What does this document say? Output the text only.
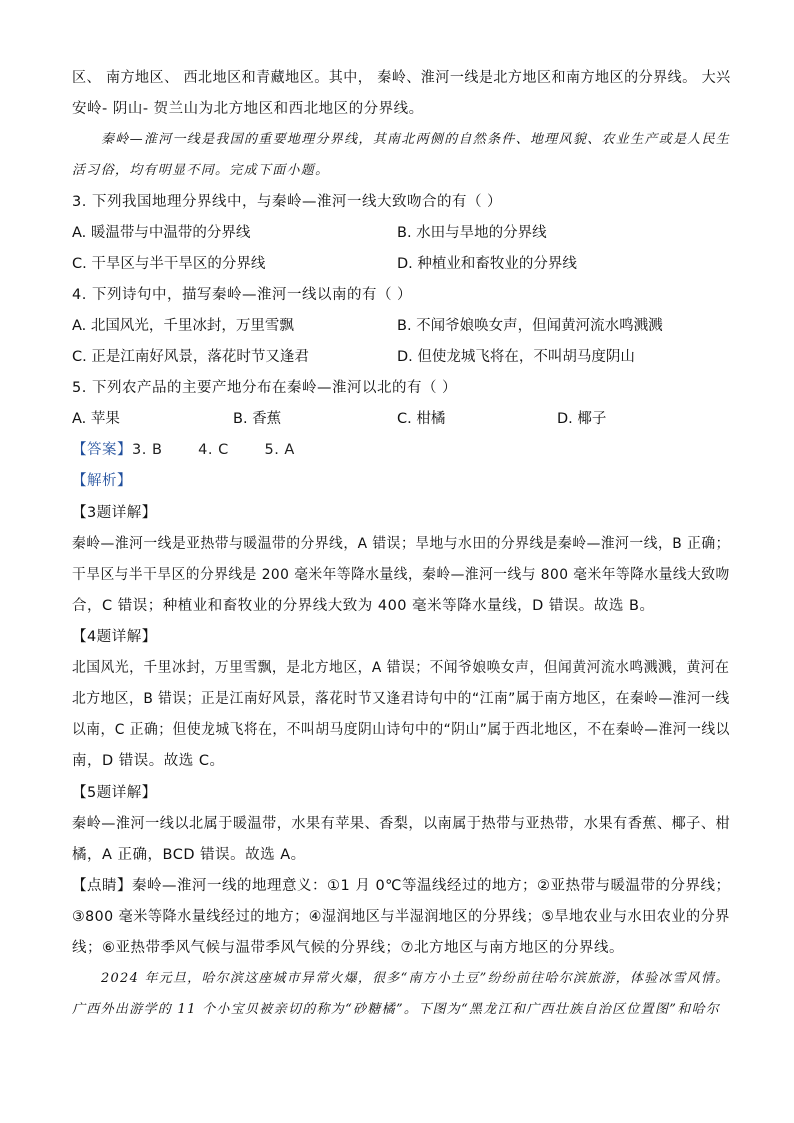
区、 南方地区、 西北地区和青藏地区。其中， 秦岭、淮河一线是北方地区和南方地区的分界线。 大兴
安岭- 阴山- 贺兰山为北方地区和西北地区的分界线。
秦岭—淮河一线是我国的重要地理分界线，其南北两侧的自然条件、地理风貌、农业生产或是人民生
活习俗，均有明显不同。完成下面小题。
3. 下列我国地理分界线中，与秦岭—淮河一线大致吻合的有（ ）
A. 暖温带与中温带的分界线	B. 水田与旱地的分界线
C. 干旱区与半干旱区的分界线	D. 种植业和畜牧业的分界线
4. 下列诗句中，描写秦岭—淮河一线以南的有（ ）
A. 北国风光，千里冰封，万里雪飘	B. 不闻爷娘唤女声，但闻黄河流水鸣溅溅
C. 正是江南好风景，落花时节又逢君	D. 但使龙城飞将在，不叫胡马度阴山
5. 下列农产品的主要产地分布在秦岭—淮河以北的有（ ）
A. 苹果	B. 香蕉	C. 柑橘	D. 椰子
【答案】3. B       4. C       5. A
【解析】
【3题详解】
秦岭—淮河一线是亚热带与暖温带的分界线，A 错误；旱地与水田的分界线是秦岭—淮河一线，B 正确；
干旱区与半干旱区的分界线是 200 毫米年等降水量线，秦岭—淮河一线与 800 毫米年等降水量线大致吻
合，C 错误；种植业和畜牧业的分界线大致为 400 毫米等降水量线，D 错误。故选 B。
【4题详解】
北国风光，千里冰封，万里雪飘，是北方地区，A 错误；不闻爷娘唤女声，但闻黄河流水鸣溅溅，黄河在
北方地区，B 错误；正是江南好风景，落花时节又逢君诗句中的“江南”属于南方地区，在秦岭—淮河一线
以南，C 正确；但使龙城飞将在，不叫胡马度阴山诗句中的“阴山”属于西北地区，不在秦岭—淮河一线以
南，D 错误。故选 C。
【5题详解】
秦岭—淮河一线以北属于暖温带，水果有苹果、香梨，以南属于热带与亚热带，水果有香蕉、椰子、柑
橘，A 正确，BCD 错误。故选 A。
【点睛】秦岭—淮河一线的地理意义：①1 月 0℃等温线经过的地方；②亚热带与暖温带的分界线；
③800 毫米等降水量线经过的地方；④湿润地区与半湿润地区的分界线；⑤旱地农业与水田农业的分界
线；⑥亚热带季风气候与温带季风气候的分界线；⑦北方地区与南方地区的分界线。
2024 年元旦，哈尔滨这座城市异常火爆，很多“南方小土豆”纷纷前往哈尔滨旅游，体验冰雪风情。
广西外出游学的 11 个小宝贝被亲切的称为“砂糖橘”。下图为“黑龙江和广西壮族自治区位置图”和哈尔
